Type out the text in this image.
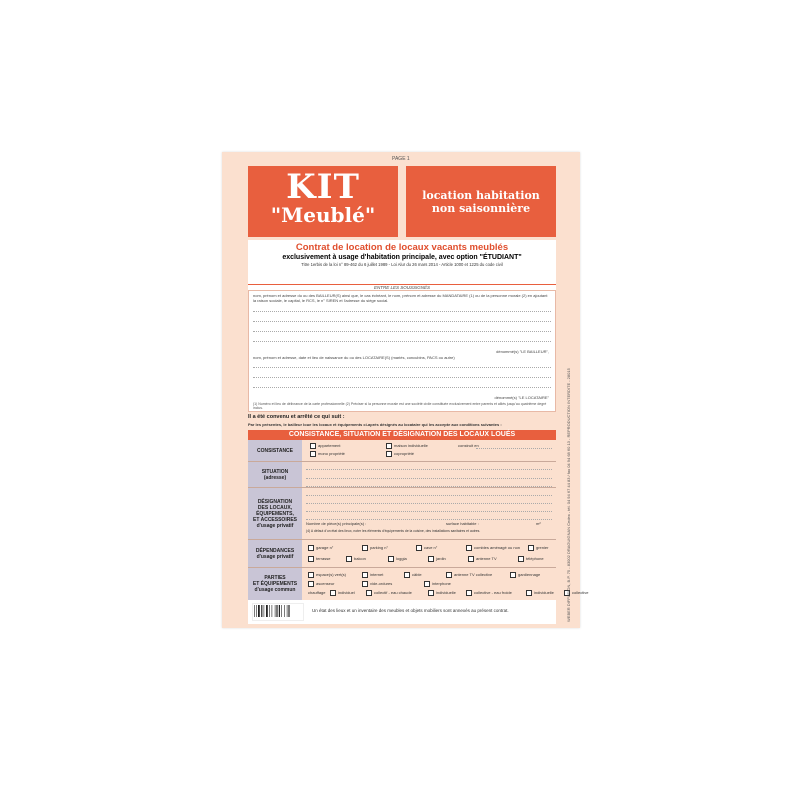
PAGE 1
KIT
"Meublé"
location habitation
non saisonnière
Contrat de location de locaux vacants meublés
exclusivement à usage d'habitation principale, avec option "ÉTUDIANT"
Titre 1erbis de la loi n° 89-462 du 6 juillet 1989 - Loi Alur du 26 mars 2014 - Article 1000 et 1225 du code civil
ENTRE LES SOUSSIGNÉS
nom, prénom et adresse du ou des BAILLEUR(S) ainsi que, le cas échéant, le nom, prénom et adresse du MANDATAIRE (1) ou de la personne morale (2) en ajoutant la raison sociale, le capital, le RCS, le n° SIREN et l'adresse du siège social.
dénommé(s) "LE BAILLEUR",
nom, prénom et adresse, date et lieu de naissance du ou des LOCATAIRE(S) (mariés, concubins, PACS ou autre)
dénommé(s) "LE LOCATAIRE"
(1) Numéro et lieu de délivrance de la carte professionnelle (2) Préciser si la personne morale est une société civile constituée exclusivement entre parents et alliés jusqu'au quatrième degré inclus.
Il a été convenu et arrêté ce qui suit :
Par les présentes, le bailleur loue les locaux et équipements ci-après désignés au locataire qui les accepte aux conditions suivantes :
CONSISTANCE, SITUATION ET DÉSIGNATION DES LOCAUX LOUÉS
CONSISTANCE
appartement	maison individuelle	construit en
mono propriété	copropriété
SITUATION
(adresse)
DÉSIGNATION
DES LOCAUX,
ÉQUIPEMENTS,
ET ACCESSOIRES
d'usage privatif	Nombre de pièce(s) principale(s) :	surface habitable :	m²
(4) A défaut d'un état des lieux, noter les éléments d'équipements de la cuisine, des installations sanitaires et autres.
DÉPENDANCES
d'usage privatif
garage n°	parking n°	cave n°	combles aménagé ou non	grenier
terrasse	balcon	loggia	jardin	antenne TV	téléphone
PARTIES
ET ÉQUIPEMENTS
d'usage commun
espace(s) vert(s)	internet	câble	antenne TV collective	gardiennage
ascenseur	vide-ordures	interphone
chauffage	individuel	collectif - eau chaude	individuelle	collective - eau froide	individuelle	collective
Un état des lieux et un inventaire des meubles et objets mobiliers sont annexés au présent contrat.	WEBER DIFFUSION, B.P. 75 - 83002 DRAGUIGNAN Cedex - tél. 04 94 67 44 83 / fax 04 94 68 60 13 - REPRODUCTION INTERDITE - 28015
